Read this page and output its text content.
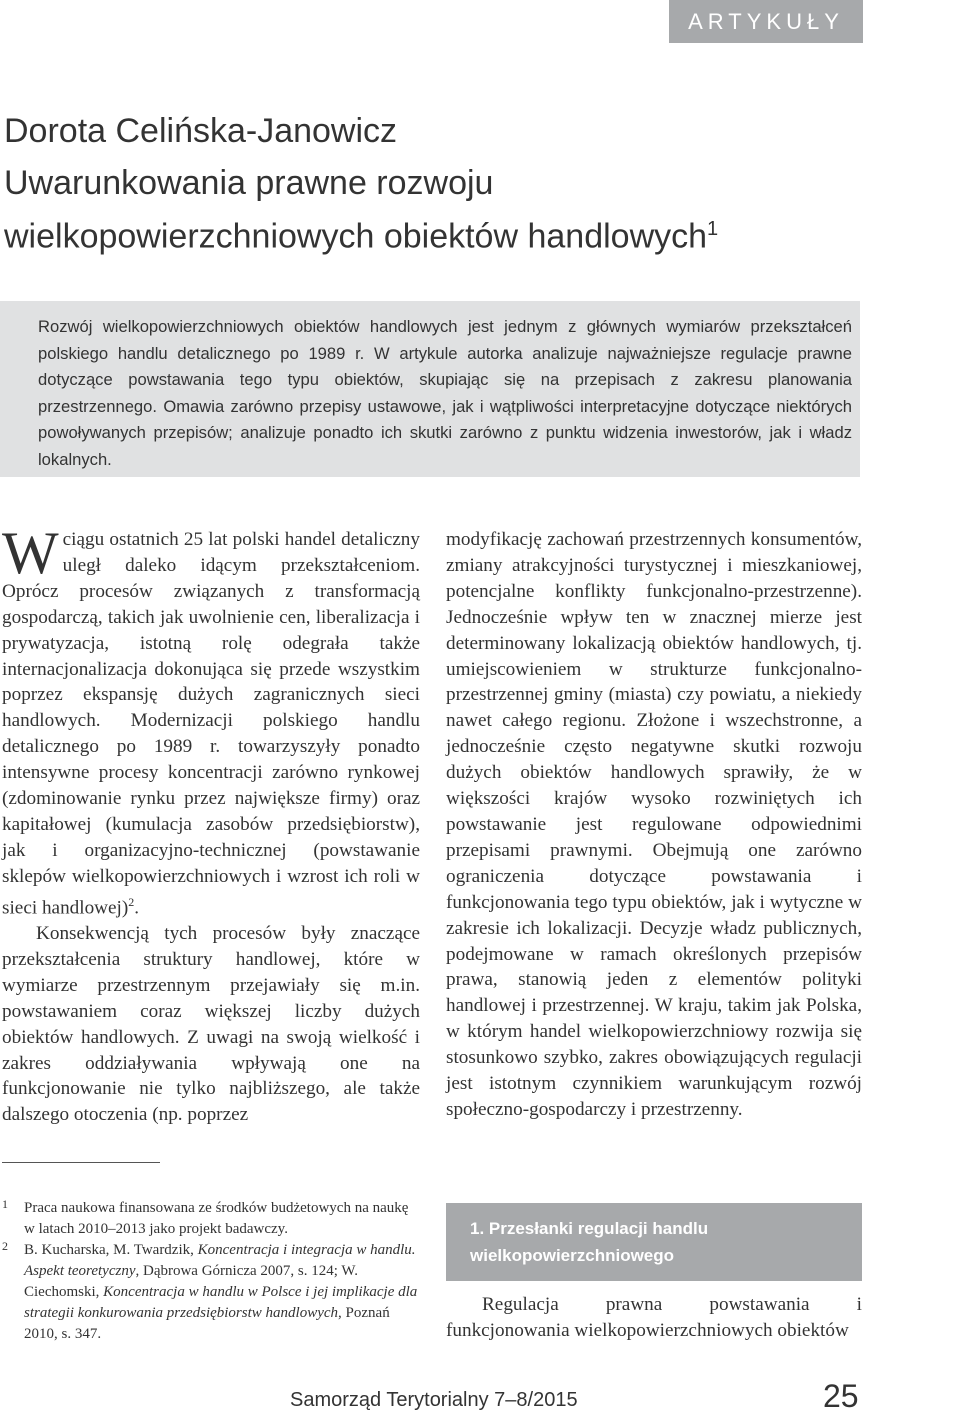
ARTYKUŁY
Dorota Celińska-Janowicz
Uwarunkowania prawne rozwoju
wielkopowierzchniowych obiektów handlowych$^1$
Rozwój wielkopowierzchniowych obiektów handlowych jest jednym z głównych wymiarów przekształceń polskiego handlu detalicznego po 1989 r. W artykule autorka analizuje najważniejsze regulacje prawne dotyczące powstawania tego typu obiektów, skupiając się na przepisach z zakresu planowania przestrzennego. Omawia zarówno przepisy ustawowe, jak i wątpliwości interpretacyjne dotyczące niektórych powoływanych przepisów; analizuje ponadto ich skutki zarówno z punktu widzenia inwestorów, jak i władz lokalnych.

W ciągu ostatnich 25 lat polski handel detaliczny uległ daleko idącym przekształceniom. Oprócz procesów związanych z transformacją gospodarczą, takich jak uwolnienie cen, liberalizacja i prywatyzacja, istotną rolę odegrała także internacjonalizacja dokonująca się przede wszystkim poprzez ekspansję dużych zagranicznych sieci handlowych. Modernizacji polskiego handlu detalicznego po 1989 r. towarzyszyły ponadto intensywne procesy koncentracji zarówno rynkowej (zdominowanie rynku przez największe firmy) oraz kapitałowej (kumulacja zasobów przedsiębiorstw), jak i organizacyjno-technicznej (powstawanie sklepów wielkopowierzchniowych i wzrost ich roli w sieci handlowej)$^2$.

Konsekwencją tych procesów były znaczące przekształcenia struktury handlowej, które w wymiarze przestrzennym przejawiały się m.in. powstawaniem coraz większej liczby dużych obiektów handlowych. Z uwagi na swoją wielkość i zakres oddziaływania wpływają one na funkcjonowanie nie tylko najbliższego, ale także dalszego otoczenia (np. poprzez

modyfikację zachowań przestrzennych konsumentów, zmiany atrakcyjności turystycznej i mieszkaniowej, potencjalne konflikty funkcjonalno-przestrzenne). Jednocześnie wpływ ten w znacznej mierze jest determinowany lokalizacją obiektów handlowych, tj. umiejscowieniem w strukturze funkcjonalno-przestrzennej gminy (miasta) czy powiatu, a niekiedy nawet całego regionu. Złożone i wszechstronne, a jednocześnie często negatywne skutki rozwoju dużych obiektów handlowych sprawiły, że w większości krajów wysoko rozwiniętych ich powstawanie jest regulowane odpowiednimi przepisami prawnymi. Obejmują one zarówno ograniczenia dotyczące powstawania i funkcjonowania tego typu obiektów, jak i wytyczne w zakresie ich lokalizacji. Decyzje władz publicznych, podejmowane w ramach określonych przepisów prawa, stanowią jeden z elementów polityki handlowej i przestrzennej. W kraju, takim jak Polska, w którym handel wielkopowierzchniowy rozwija się stosunkowo szybko, zakres obowiązujących regulacji jest istotnym czynnikiem warunkującym rozwój społeczno-gospodarczy i przestrzenny.

1 Praca naukowa finansowana ze środków budżetowych na naukę w latach 2010–2013 jako projekt badawczy.

2 B. Kucharska, M. Twardzik, Koncentracja i integracja w handlu. Aspekt teoretyczny, Dąbrowa Górnicza 2007, s. 124; W. Ciechomski, Koncentracja w handlu w Polsce i jej implikacje dla strategii konkurowania przedsiębiorstw handlowych, Poznań 2010, s. 347.

1. Przesłanki regulacji handlu
wielkopowierzchniowego
Regulacja prawna powstawania i funkcjonowania wielkopowierzchniowych obiektów
Samorząd Terytorialny 7–8/2015	25
